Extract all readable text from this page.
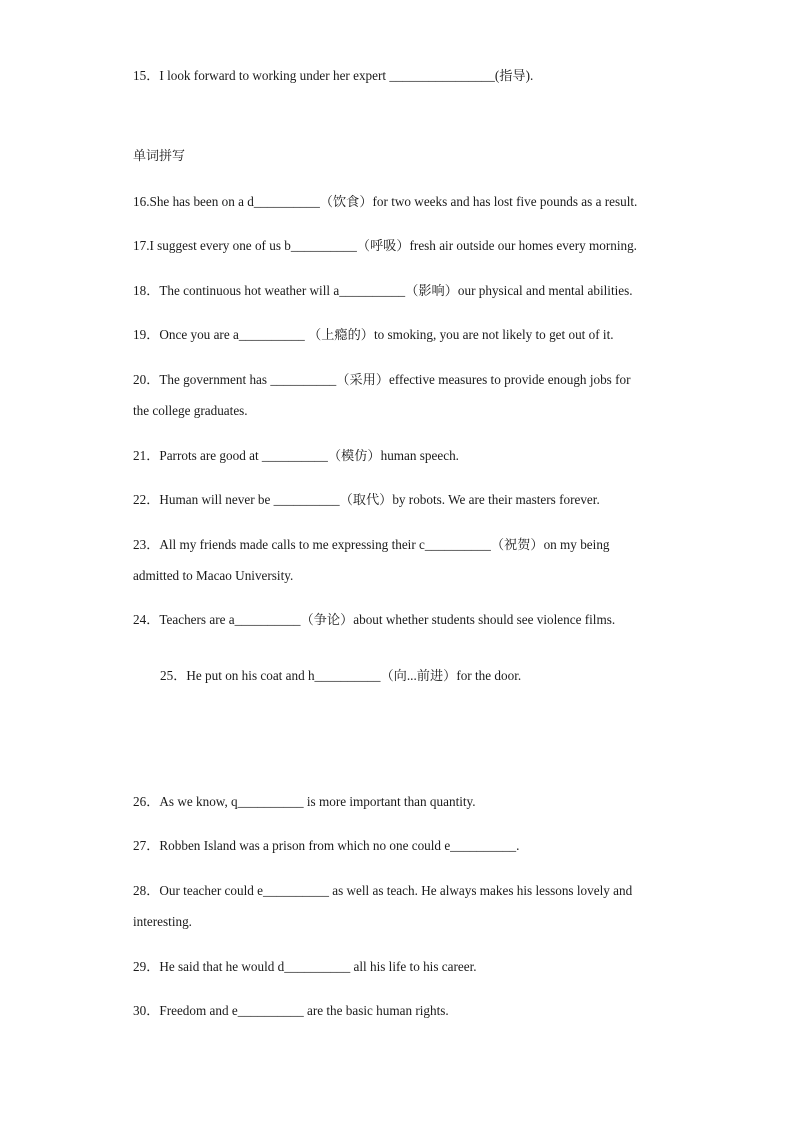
15．I look forward to working under her expert ________________(指导).
单词拼写
16.She has been on a d__________（饮食）for two weeks and has lost five pounds as a result.
17.I suggest every one of us b__________（呼吸）fresh air outside our homes every morning.
18．The continuous hot weather will a__________（影响）our physical and mental abilities.
19．Once you are a__________ （上瘾的）to smoking, you are not likely to get out of it.
20．The government has __________（采用）effective measures to provide enough jobs for
the college graduates.
21．Parrots are good at __________（模仿）human speech.
22．Human will never be __________（取代）by robots. We are their masters forever.
23．All my friends made calls to me expressing their c__________（祝贺）on my being
admitted to Macao University.
24．Teachers are a__________（争论）about whether students should see violence films.
25．He put on his coat and h__________（向...前进）for the door.
26．As we know, q__________ is more important than quantity.
27．Robben Island was a prison from which no one could e__________.
28．Our teacher could e__________ as well as teach. He always makes his lessons lovely and
interesting.
29．He said that he would d__________ all his life to his career.
30．Freedom and e__________ are the basic human rights.
